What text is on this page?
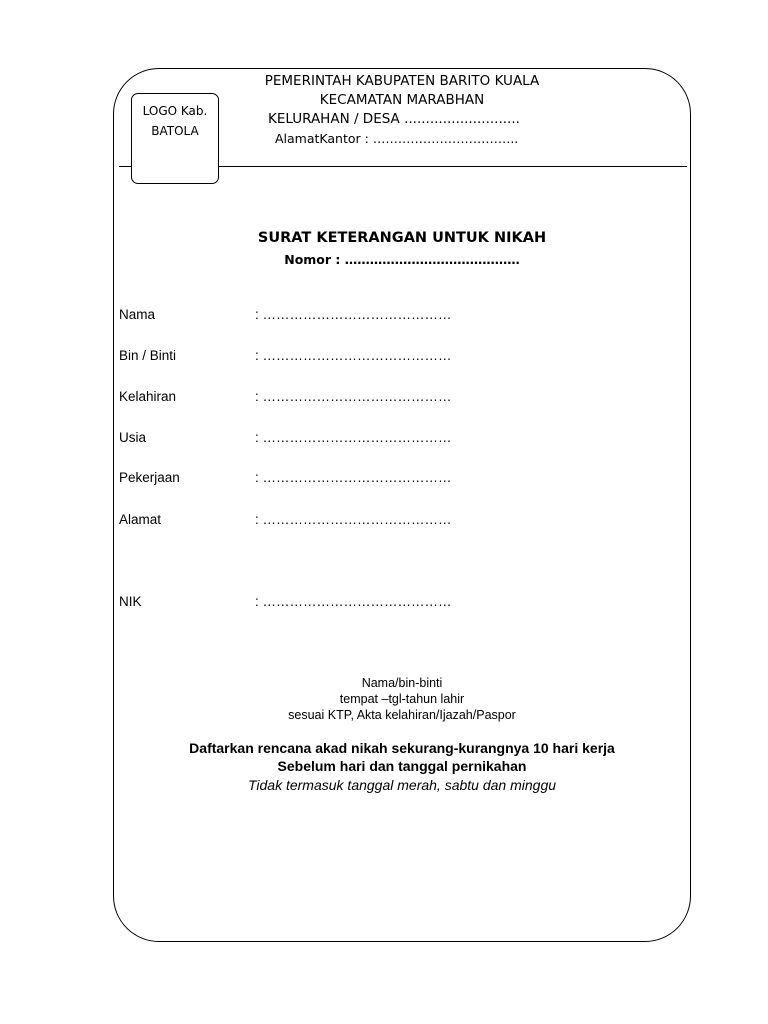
LOGO Kab.
BATOLA
PEMERINTAH KABUPATEN BARITO KUALA
KECAMATAN MARABHAN
KELURAHAN / DESA ...........................
AlamatKantor : ……………………………..
SURAT KETERANGAN UNTUK NIKAH
Nomor : ……………………………………
Nama	: ……………………………………
Bin / Binti	: ……………………………………
Kelahiran	: ……………………………………
Usia	: ……………………………………
Pekerjaan	: ……………………………………
Alamat	: ……………………………………
NIK	: ……………………………………
Nama/bin-binti
tempat –tgl-tahun lahir
sesuai KTP, Akta kelahiran/Ijazah/Paspor
Daftarkan rencana akad nikah sekurang-kurangnya 10 hari kerja
Sebelum hari dan tanggal pernikahan
Tidak termasuk tanggal merah, sabtu dan minggu
